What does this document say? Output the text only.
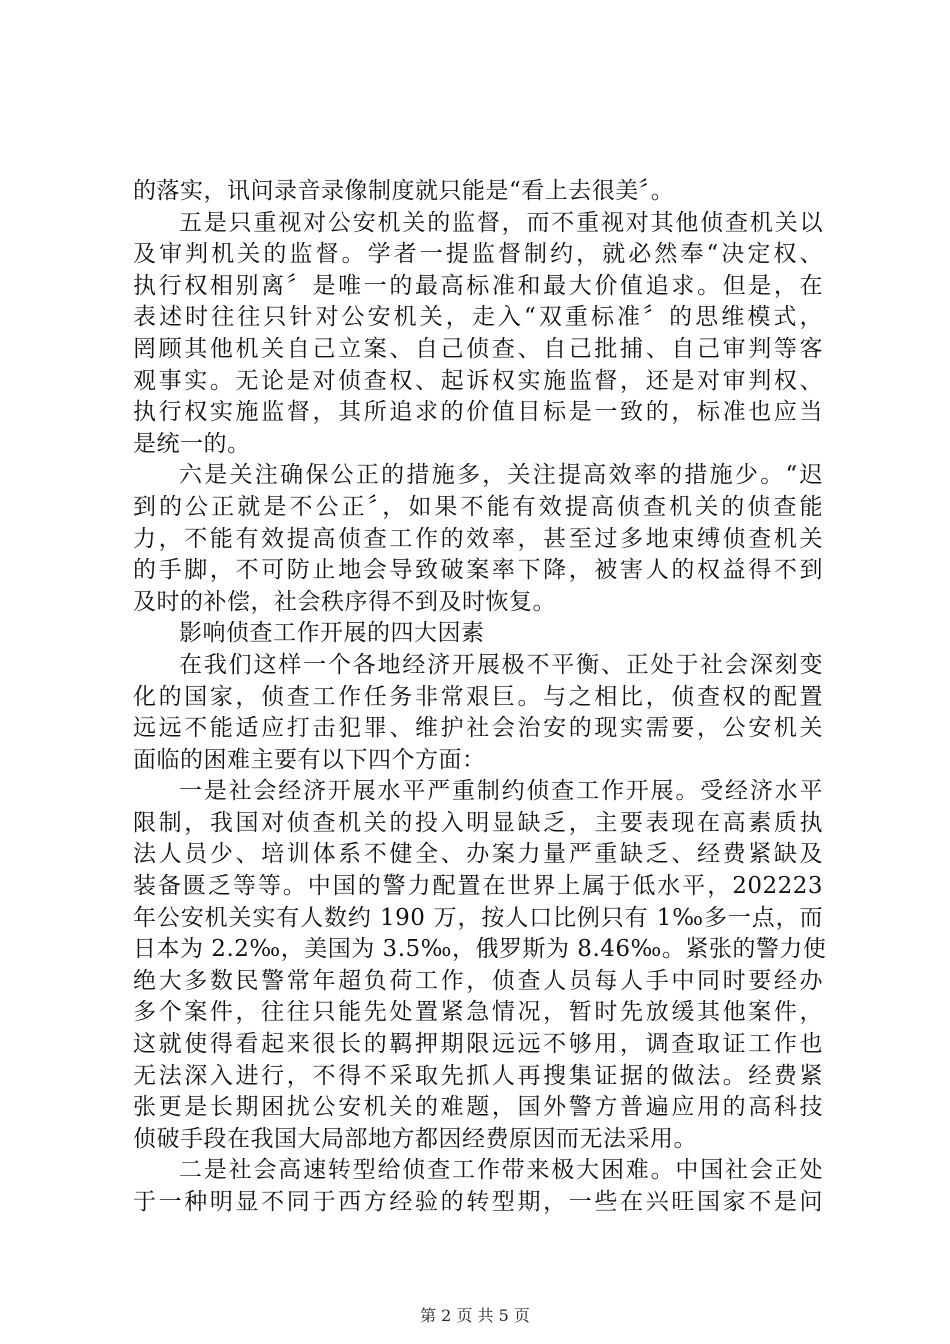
的落实，讯问录音录像制度就只能是“看上去很美〞。
五是只重视对公安机关的监督，而不重视对其他侦查机关以
及审判机关的监督。学者一提监督制约，就必然奉“决定权、
执行权相别离〞是唯一的最高标准和最大价值追求。但是，在
表述时往往只针对公安机关，走入“双重标准〞的思维模式，
罔顾其他机关自己立案、自己侦查、自己批捕、自己审判等客
观事实。无论是对侦查权、起诉权实施监督，还是对审判权、
执行权实施监督，其所追求的价值目标是一致的，标准也应当
是统一的。
六是关注确保公正的措施多，关注提高效率的措施少。“迟
到的公正就是不公正〞，如果不能有效提高侦查机关的侦查能
力，不能有效提高侦查工作的效率，甚至过多地束缚侦查机关
的手脚，不可防止地会导致破案率下降，被害人的权益得不到
及时的补偿，社会秩序得不到及时恢复。
影响侦查工作开展的四大因素
在我们这样一个各地经济开展极不平衡、正处于社会深刻变
化的国家，侦查工作任务非常艰巨。与之相比，侦查权的配置
远远不能适应打击犯罪、维护社会治安的现实需要，公安机关
面临的困难主要有以下四个方面：
一是社会经济开展水平严重制约侦查工作开展。受经济水平
限制，我国对侦查机关的投入明显缺乏，主要表现在高素质执
法人员少、培训体系不健全、办案力量严重缺乏、经费紧缺及
装备匮乏等等。中国的警力配置在世界上属于低水平，202223
年公安机关实有人数约 190 万，按人口比例只有 1‰多一点，而
日本为 2.2‰，美国为 3.5‰，俄罗斯为 8.46‰。紧张的警力使
绝大多数民警常年超负荷工作，侦查人员每人手中同时要经办
多个案件，往往只能先处置紧急情况，暂时先放缓其他案件，
这就使得看起来很长的羁押期限远远不够用，调查取证工作也
无法深入进行，不得不采取先抓人再搜集证据的做法。经费紧
张更是长期困扰公安机关的难题，国外警方普遍应用的高科技
侦破手段在我国大局部地方都因经费原因而无法采用。
二是社会高速转型给侦查工作带来极大困难。中国社会正处
于一种明显不同于西方经验的转型期，一些在兴旺国家不是问
第 2 页 共 5 页
